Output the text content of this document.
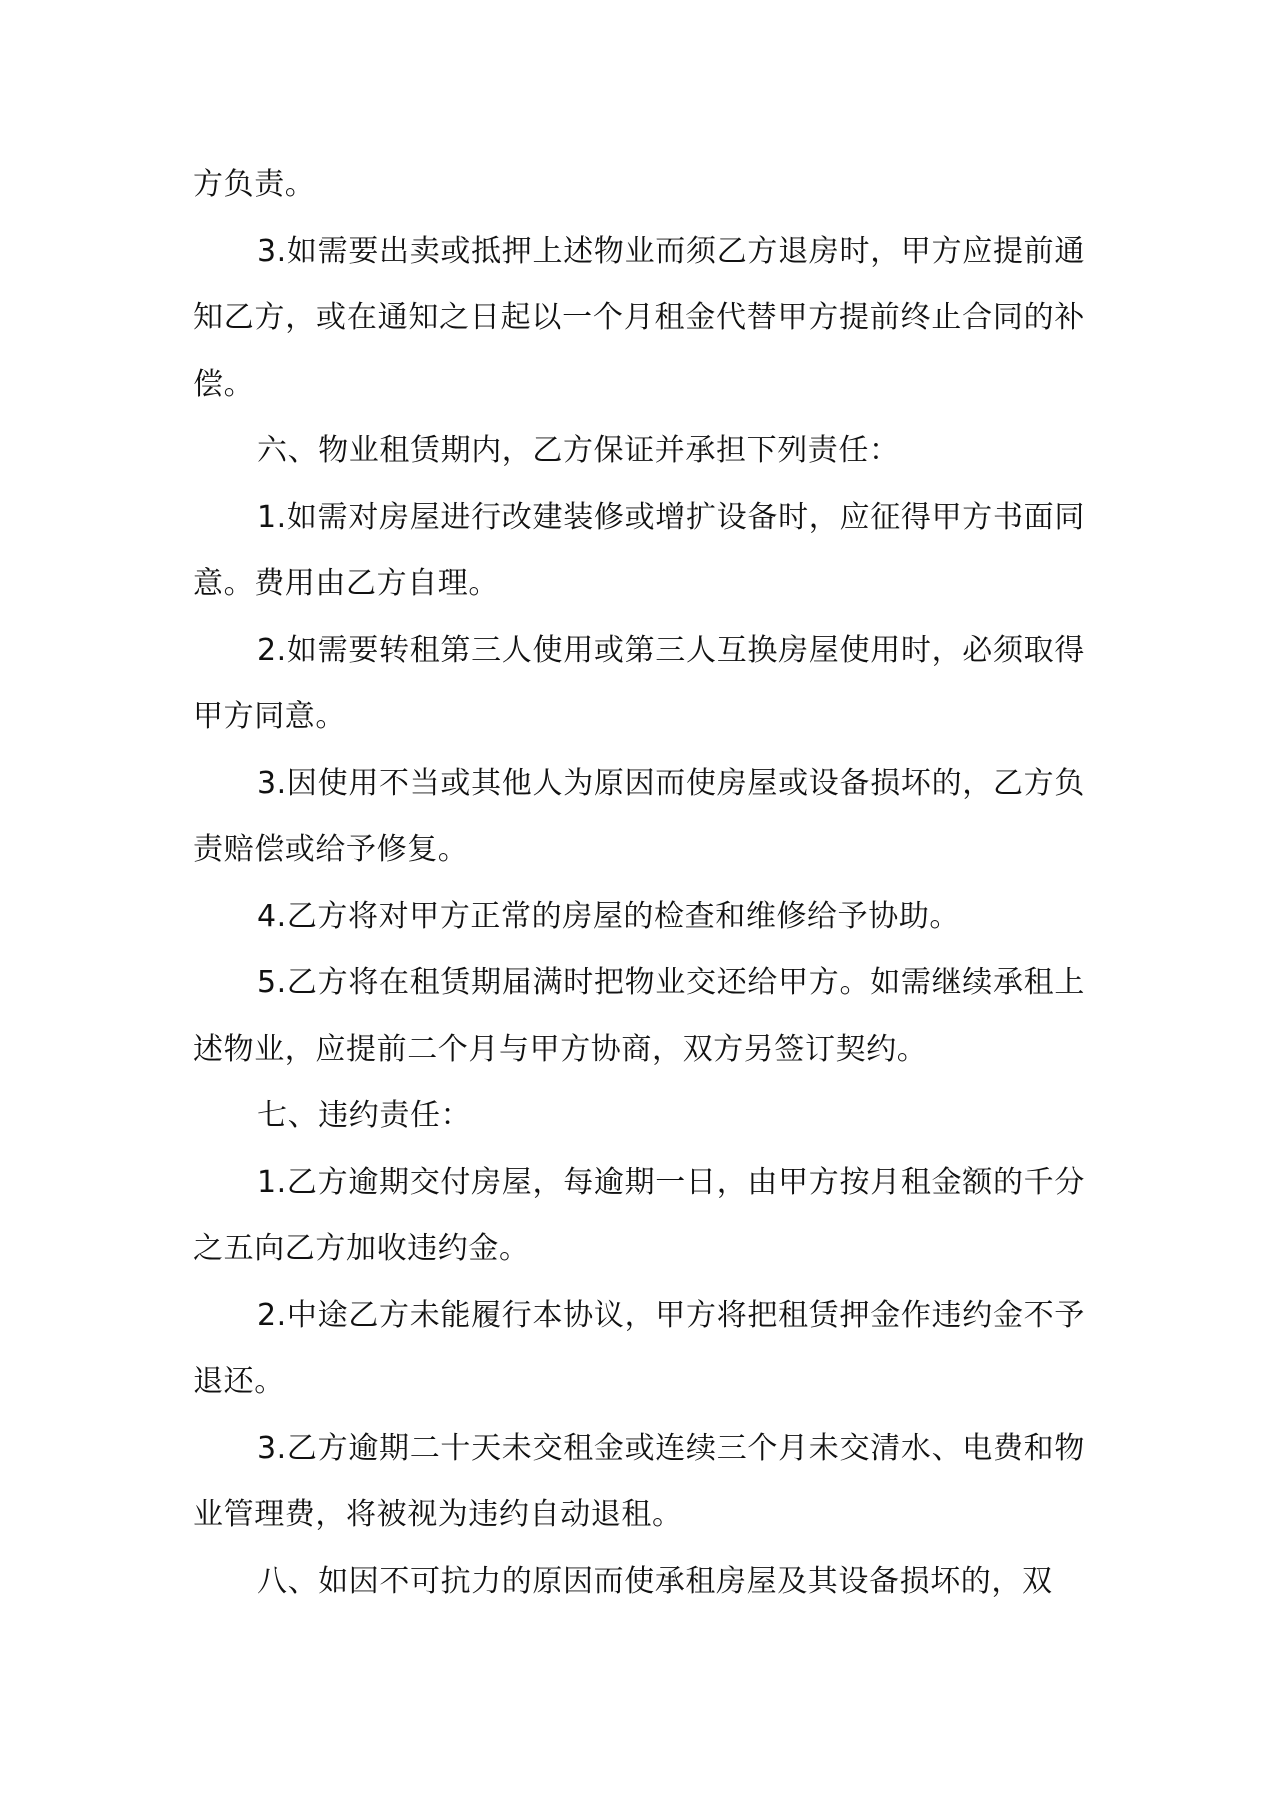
方负责。

3.如需要出卖或抵押上述物业而须乙方退房时，甲方应提前通知乙方，或在通知之日起以一个月租金代替甲方提前终止合同的补偿。

六、物业租赁期内，乙方保证并承担下列责任：

1.如需对房屋进行改建装修或增扩设备时，应征得甲方书面同意。费用由乙方自理。

2.如需要转租第三人使用或第三人互换房屋使用时，必须取得甲方同意。

3.因使用不当或其他人为原因而使房屋或设备损坏的，乙方负责赔偿或给予修复。

4.乙方将对甲方正常的房屋的检查和维修给予协助。

5.乙方将在租赁期届满时把物业交还给甲方。如需继续承租上述物业，应提前二个月与甲方协商，双方另签订契约。

七、违约责任：

1.乙方逾期交付房屋，每逾期一日，由甲方按月租金额的千分之五向乙方加收违约金。

2.中途乙方未能履行本协议，甲方将把租赁押金作违约金不予退还。

3.乙方逾期二十天未交租金或连续三个月未交清水、电费和物业管理费，将被视为违约自动退租。

八、如因不可抗力的原因而使承租房屋及其设备损坏的，双
